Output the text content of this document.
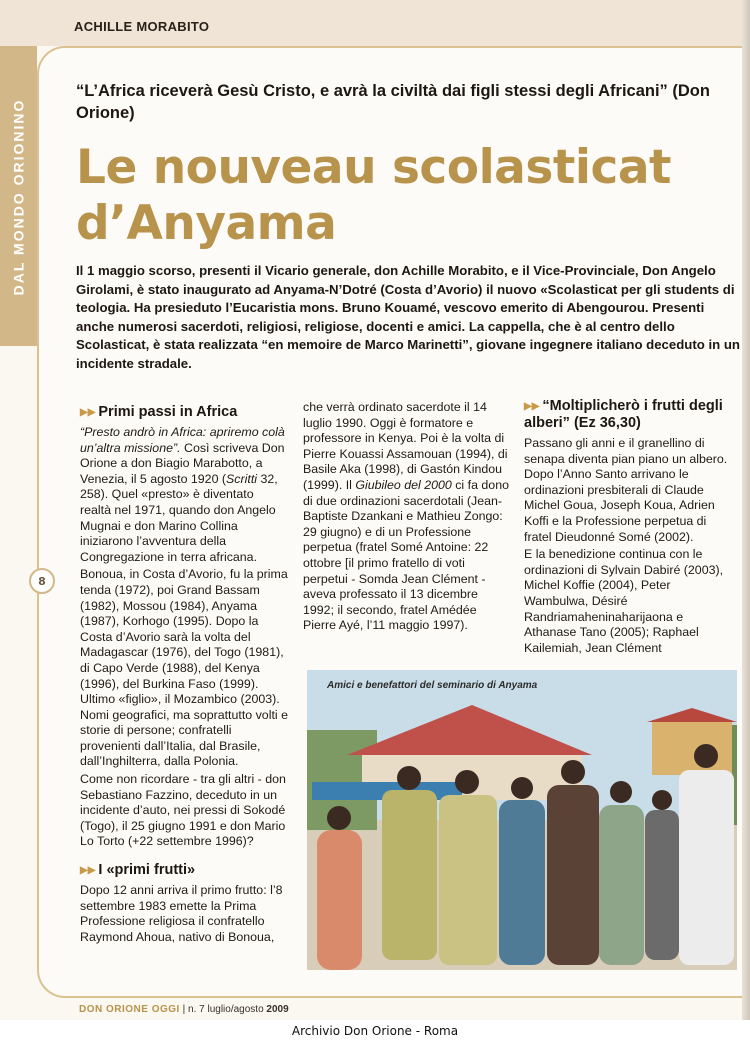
ACHILLE MORABITO
DAL MONDO ORIONINO
8
“L’Africa riceverà Gesù Cristo, e avrà la civiltà dai figli stessi degli Africani” (Don Orione)
Le nouveau scolasticat
d’Anyama
Il 1 maggio scorso, presenti il Vicario generale, don Achille Morabito, e il Vice-Provinciale, Don Angelo Girolami, è stato inaugurato ad Anyama-N’Dotré (Costa d’Avorio) il nuovo «Scolasticat per gli students di teologia. Ha presieduto l’Eucaristia mons. Bruno Kouamé, vescovo emerito di Abengourou. Presenti anche numerosi sacerdoti, religiosi, religiose, docenti e amici. La cappella, che è al centro dello Scolasticat, è stata realizzata “en memoire de Marco Marinetti”, giovane ingegnere italiano deceduto in un incidente stradale.
▶▶ Primi passi in Africa

“Presto andrò in Africa: apriremo colà un’altra missione”. Così scriveva Don Orione a don Biagio Marabotto, a Venezia, il 5 agosto 1920 (Scritti 32, 258). Quel «presto» è diventato realtà nel 1971, quando don Angelo Mugnai e don Marino Collina iniziarono l’avventura della Congregazione in terra africana.

Bonoua, in Costa d’Avorio, fu la prima tenda (1972), poi Grand Bassam (1982), Mossou (1984), Anyama (1987), Korhogo (1995). Dopo la Costa d’Avorio sarà la volta del Madagascar (1976), del Togo (1981), di Capo Verde (1988), del Kenya (1996), del Burkina Faso (1999). Ultimo «figlio», il Mozambico (2003). Nomi geografici, ma soprattutto volti e storie di persone; confratelli provenienti dall’Italia, dal Brasile, dall’Inghilterra, dalla Polonia.

Come non ricordare - tra gli altri - don Sebastiano Fazzino, deceduto in un incidente d’auto, nei pressi di Sokodé (Togo), il 25 giugno 1991 e don Mario Lo Torto (+22 settembre 1996)?

▶▶ I «primi frutti»

Dopo 12 anni arriva il primo frutto: l’8 settembre 1983 emette la Prima Professione religiosa il confratello Raymond Ahoua, nativo di Bonoua,

che verrà ordinato sacerdote il 14 luglio 1990. Oggi è formatore e professore in Kenya. Poi è la volta di Pierre Kouassi Assamouan (1994), di Basile Aka (1998), di Gastón Kindou (1999). Il Giubileo del 2000 ci fa dono di due ordinazioni sacerdotali (Jean-Baptiste Dzankani e Mathieu Zongo: 29 giugno) e di un Professione perpetua (fratel Somé Antoine: 22 ottobre [il primo fratello di voti perpetui - Somda Jean Clément - aveva professato il 13 dicembre 1992; il secondo, fratel Amédée Pierre Ayé, l’11 maggio 1997).

▶▶ “Moltiplicherò i frutti degli alberi” (Ez 36,30)

Passano gli anni e il granellino di senapa diventa pian piano un albero. Dopo l’Anno Santo arrivano le ordinazioni presbiterali di Claude Michel Goua, Joseph Koua, Adrien Koffi e la Professione perpetua di fratel Dieudonné Somé (2002).

E la benedizione continua con le ordinazioni di Sylvain Dabiré (2003), Michel Koffie (2004), Peter Wambulwa, Désiré Randriamaheninaharijaona e Athanase Tano (2005); Raphael Kailemiah, Jean Clément

Amici e benefattori del seminario di Anyama
DON ORIONE OGGI | n. 7 luglio/agosto 2009
Archivio Don Orione - Roma
